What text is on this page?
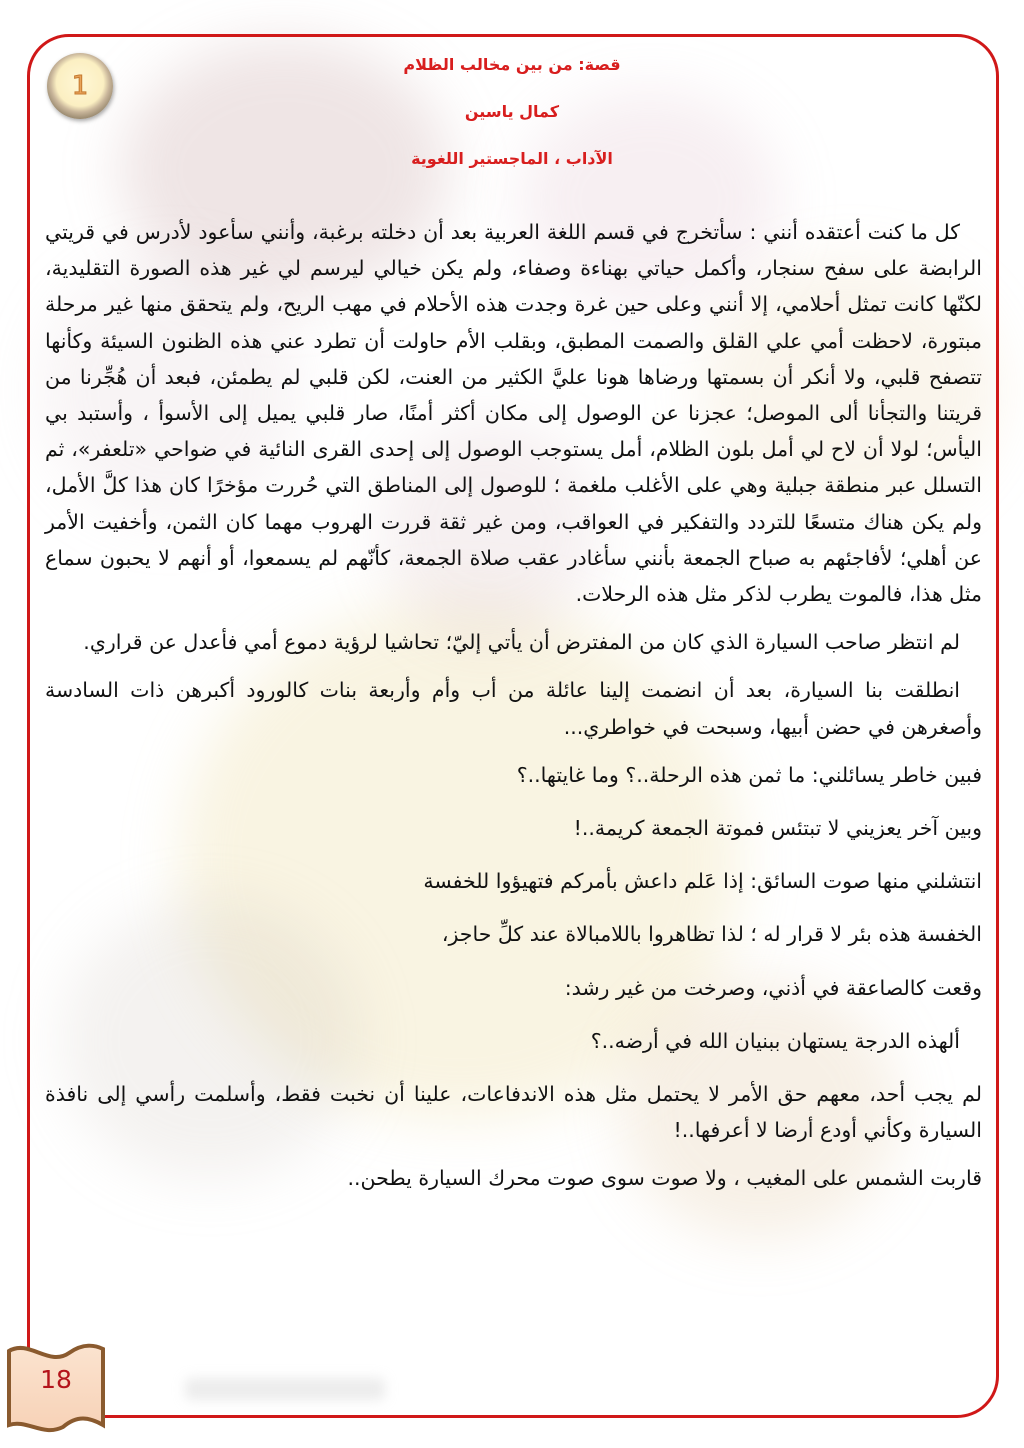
1
قصة: من بين مخالب الظلام
كمال ياسين
الآداب ، الماجستير اللغوية

كل ما كنت أعتقده أنني : سأتخرج في قسم اللغة العربية بعد أن دخلته برغبة، وأنني سأعود لأدرس في قريتي الرابضة على سفح سنجار، وأكمل حياتي بهناءة وصفاء، ولم يكن خيالي ليرسم لي غير هذه الصورة التقليدية، لكنّها كانت تمثل أحلامي، إلا أنني وعلى حين غرة وجدت هذه الأحلام في مهب الريح، ولم يتحقق منها غير مرحلة مبتورة، لاحظت أمي علي القلق والصمت المطبق، وبقلب الأم حاولت أن تطرد عني هذه الظنون السيئة وكأنها تتصفح قلبي، ولا أنكر أن بسمتها ورضاها هونا عليَّ الكثير من العنت، لكن قلبي لم يطمئن، فبعد أن هُجِّرنا من قريتنا والتجأنا ألى الموصل؛ عجزنا عن الوصول إلى مكان أكثر أمنًا، صار قلبي يميل إلى الأسوأ ، وأستبد بي اليأس؛ لولا أن لاح لي أمل بلون الظلام، أمل يستوجب الوصول إلى إحدى القرى النائية في ضواحي «تلعفر»، ثم التسلل عبر منطقة جبلية وهي على الأغلب ملغمة ؛ للوصول إلى المناطق التي حُررت مؤخرًا كان هذا كلَّ الأمل، ولم يكن هناك متسعًا للتردد والتفكير في العواقب، ومن غير ثقة قررت الهروب مهما كان الثمن، وأخفيت الأمر عن أهلي؛ لأفاجئهم به صباح الجمعة بأنني سأغادر عقب صلاة الجمعة، كأنّهم لم يسمعوا، أو أنهم لا يحبون سماع مثل هذا، فالموت يطرب لذكر مثل هذه الرحلات.

لم انتظر صاحب السيارة الذي كان من المفترض أن يأتي إليّ؛ تحاشيا لرؤية دموع أمي فأعدل عن قراري.

انطلقت بنا السيارة، بعد أن انضمت إلينا عائلة من أب وأم وأربعة بنات كالورود أكبرهن ذات السادسة وأصغرهن في حضن أبيها، وسبحت في خواطري...

فبين خاطر يسائلني: ما ثمن هذه الرحلة..؟ وما غايتها..؟

وبين آخر يعزيني لا تبتئس فموتة الجمعة كريمة..!

انتشلني منها صوت السائق: إذا عَلم داعش بأمركم فتهيؤوا للخفسة

الخفسة هذه بئر لا قرار له ؛ لذا تظاهروا باللامبالاة عند كلِّ حاجز،

وقعت كالصاعقة في أذني، وصرخت من غير رشد:

ألهذه الدرجة يستهان ببنيان الله في أرضه..؟

لم يجب أحد، معهم حق الأمر لا يحتمل مثل هذه الاندفاعات، علينا أن نخبت فقط، وأسلمت رأسي إلى نافذة السيارة وكأني أودع أرضا لا أعرفها..!

قاربت الشمس على المغيب ، ولا صوت سوى صوت محرك السيارة يطحن..

18
